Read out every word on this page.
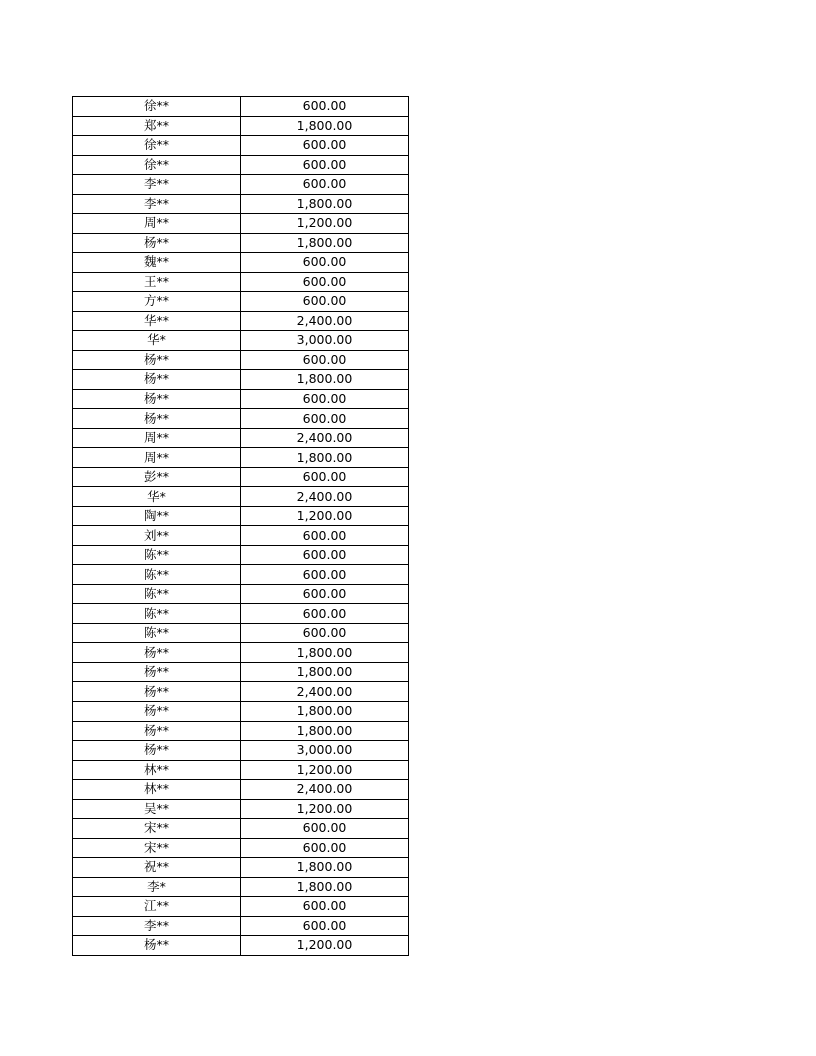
徐**	600.00
郑**	1,800.00
徐**	600.00
徐**	600.00
李**	600.00
李**	1,800.00
周**	1,200.00
杨**	1,800.00
魏**	600.00
王**	600.00
方**	600.00
华**	2,400.00
华*	3,000.00
杨**	600.00
杨**	1,800.00
杨**	600.00
杨**	600.00
周**	2,400.00
周**	1,800.00
彭**	600.00
华*	2,400.00
陶**	1,200.00
刘**	600.00
陈**	600.00
陈**	600.00
陈**	600.00
陈**	600.00
陈**	600.00
杨**	1,800.00
杨**	1,800.00
杨**	2,400.00
杨**	1,800.00
杨**	1,800.00
杨**	3,000.00
林**	1,200.00
林**	2,400.00
吴**	1,200.00
宋**	600.00
宋**	600.00
祝**	1,800.00
李*	1,800.00
江**	600.00
李**	600.00
杨**	1,200.00
